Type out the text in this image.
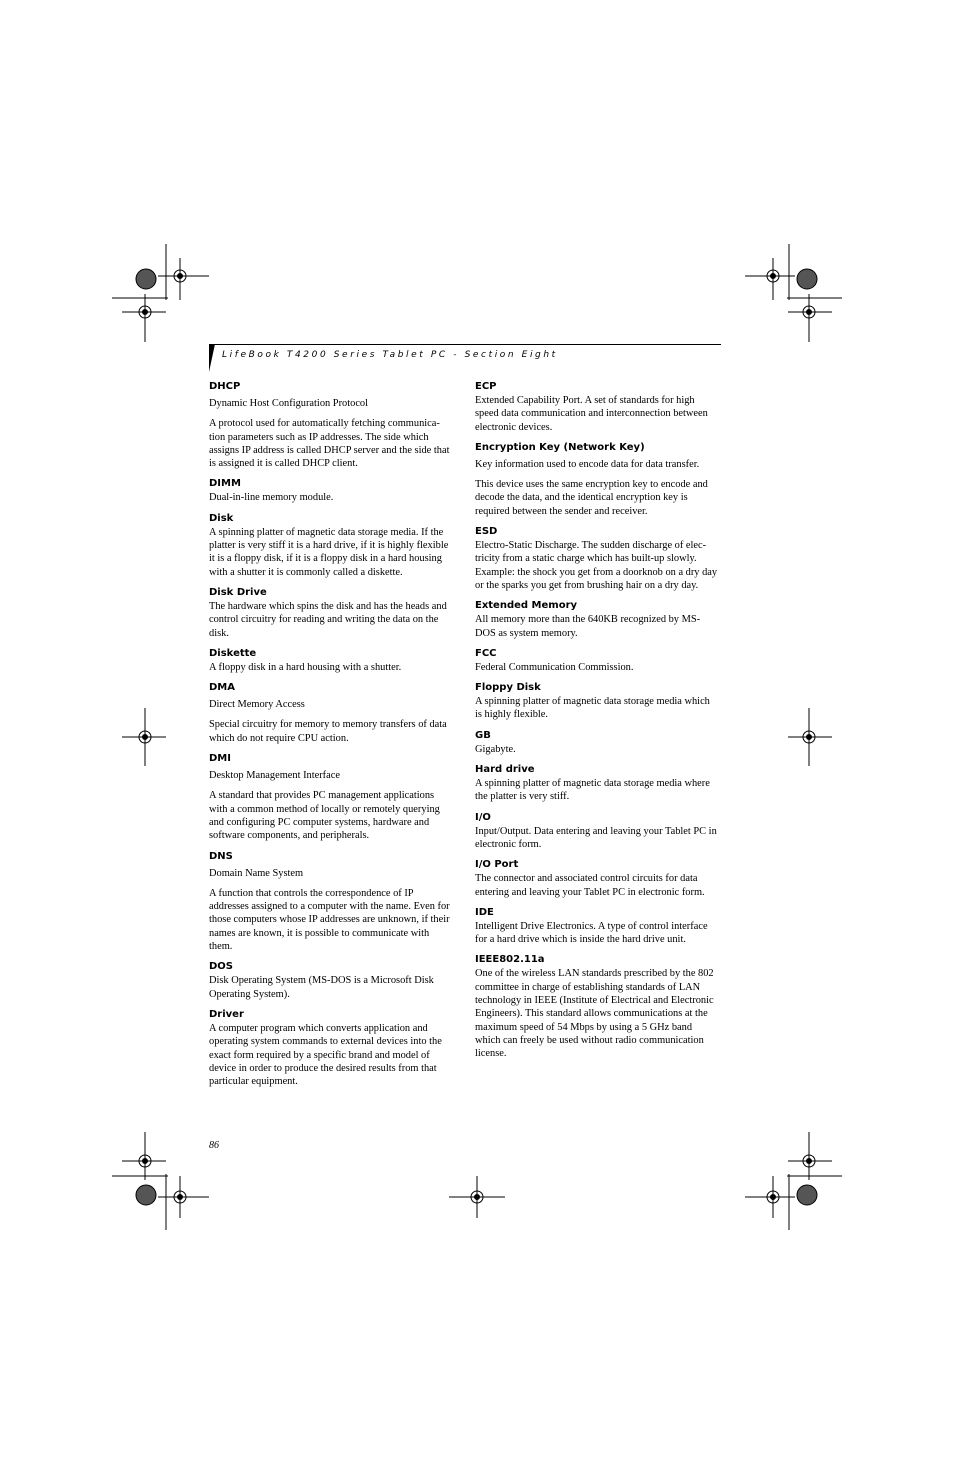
LifeBook T4200 Series Tablet PC - Section Eight
DHCP
Dynamic Host Configuration Protocol
A protocol used for automatically fetching communica- tion parameters such as IP addresses. The side which assigns IP address is called DHCP server and the side that is assigned it is called DHCP client.
DIMM
Dual-in-line memory module.
Disk
A spinning platter of magnetic data storage media. If the platter is very stiff it is a hard drive, if it is highly flexible it is a floppy disk, if it is a floppy disk in a hard housing with a shutter it is commonly called a diskette.
Disk Drive
The hardware which spins the disk and has the heads and control circuitry for reading and writing the data on the disk.
Diskette
A floppy disk in a hard housing with a shutter.
DMA
Direct Memory Access
Special circuitry for memory to memory transfers of data which do not require CPU action.
DMI
Desktop Management Interface
A standard that provides PC management applications with a common method of locally or remotely querying and configuring PC computer systems, hardware and software components, and peripherals.
DNS
Domain Name System
A function that controls the correspondence of IP addresses assigned to a computer with the name. Even for those computers whose IP addresses are unknown, if their names are known, it is possible to communicate with them.
DOS
Disk Operating System (MS-DOS is a Microsoft Disk Operating System).
Driver
A computer program which converts application and operating system commands to external devices into the exact form required by a specific brand and model of device in order to produce the desired results from that particular equipment.
ECP
Extended Capability Port. A set of standards for high speed data communication and interconnection between electronic devices.
Encryption Key (Network Key)
Key information used to encode data for data transfer.
This device uses the same encryption key to encode and decode the data, and the identical encryption key is required between the sender and receiver.
ESD
Electro-Static Discharge. The sudden discharge of elec- tricity from a static charge which has built-up slowly. Example: the shock you get from a doorknob on a dry day or the sparks you get from brushing hair on a dry day.
Extended Memory
All memory more than the 640KB recognized by MS-DOS as system memory.
FCC
Federal Communication Commission.
Floppy Disk
A spinning platter of magnetic data storage media which is highly flexible.
GB
Gigabyte.
Hard drive
A spinning platter of magnetic data storage media where the platter is very stiff.
I/O
Input/Output. Data entering and leaving your Tablet PC in electronic form.
I/O Port
The connector and associated control circuits for data entering and leaving your Tablet PC in electronic form.
IDE
Intelligent Drive Electronics. A type of control interface for a hard drive which is inside the hard drive unit.
IEEE802.11a
One of the wireless LAN standards prescribed by the 802 committee in charge of establishing standards of LAN technology in IEEE (Institute of Electrical and Electronic Engineers). This standard allows communications at the maximum speed of 54 Mbps by using a 5 GHz band which can freely be used without radio communication license.
86
